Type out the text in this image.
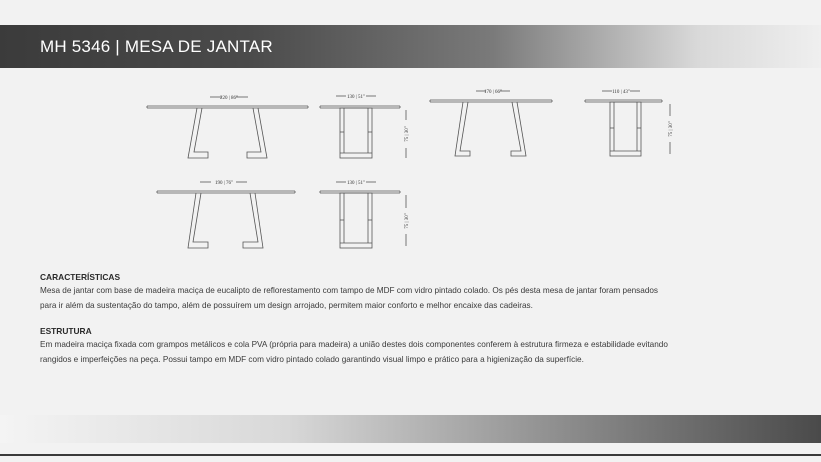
MH 5346 | MESA DE JANTAR
220 | 86"	130 | 51"
75 | 30"
170 | 66"	110 | 43"
75 | 30"
190 | 76"	130 | 51"
75 | 30"
CARACTERÍSTICAS

Mesa de jantar com base de madeira maciça de eucalipto de reflorestamento com tampo de MDF com vidro pintado colado. Os pés desta mesa de jantar foram pensados

para ir além da sustentação do tampo, além de possuírem um design arrojado, permitem maior conforto e melhor encaixe das cadeiras.

ESTRUTURA

Em madeira maciça fixada com grampos metálicos e cola PVA (própria para madeira) a união destes dois componentes conferem à estrutura firmeza e estabilidade evitando

rangidos e imperfeições na peça. Possui tampo em MDF com vidro pintado colado garantindo visual limpo e prático para a higienização da superfície.
